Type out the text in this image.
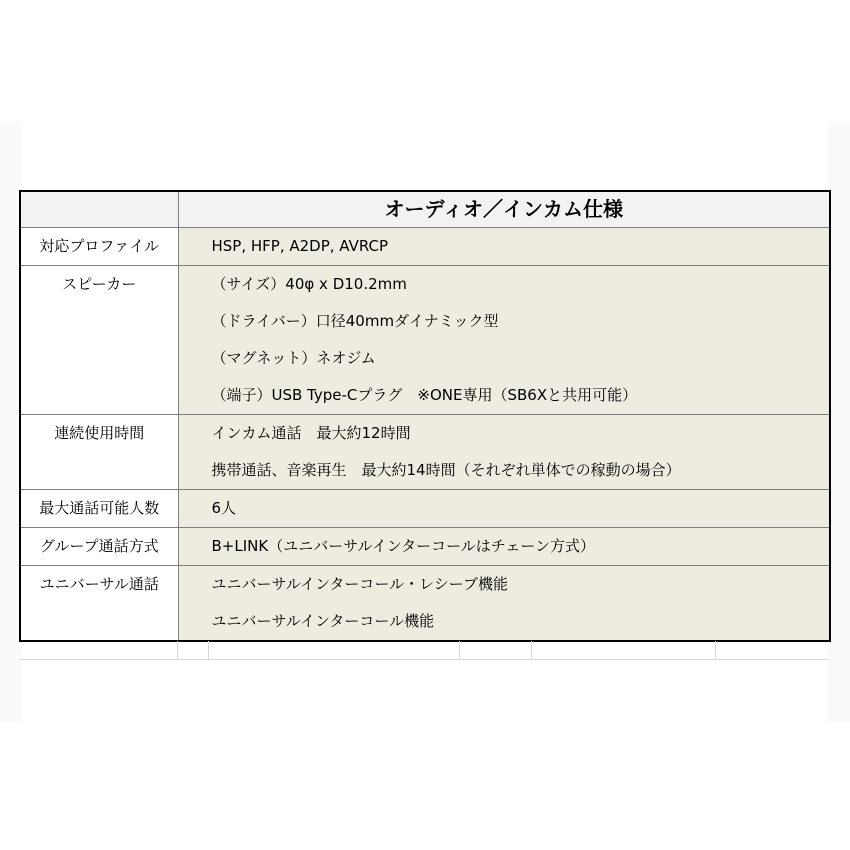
	オーディオ／インカム仕様
対応プロファイル	HSP, HFP, A2DP, AVRCP

スピーカー	（サイズ）40φ x D10.2mm
（ドライバー）口径40mmダイナミック型
（マグネット）ネオジム
（端子）USB Type-Cプラグ　※ONE専用（SB6Xと共用可能）

連続使用時間	インカム通話　最大約12時間
携帯通話、音楽再生　最大約14時間（それぞれ単体での稼動の場合）

最大通話可能人数	6人

グループ通話方式	B+LINK（ユニバーサルインターコールはチェーン方式）

ユニバーサル通話	ユニバーサルインターコール・レシーブ機能
ユニバーサルインターコール機能
